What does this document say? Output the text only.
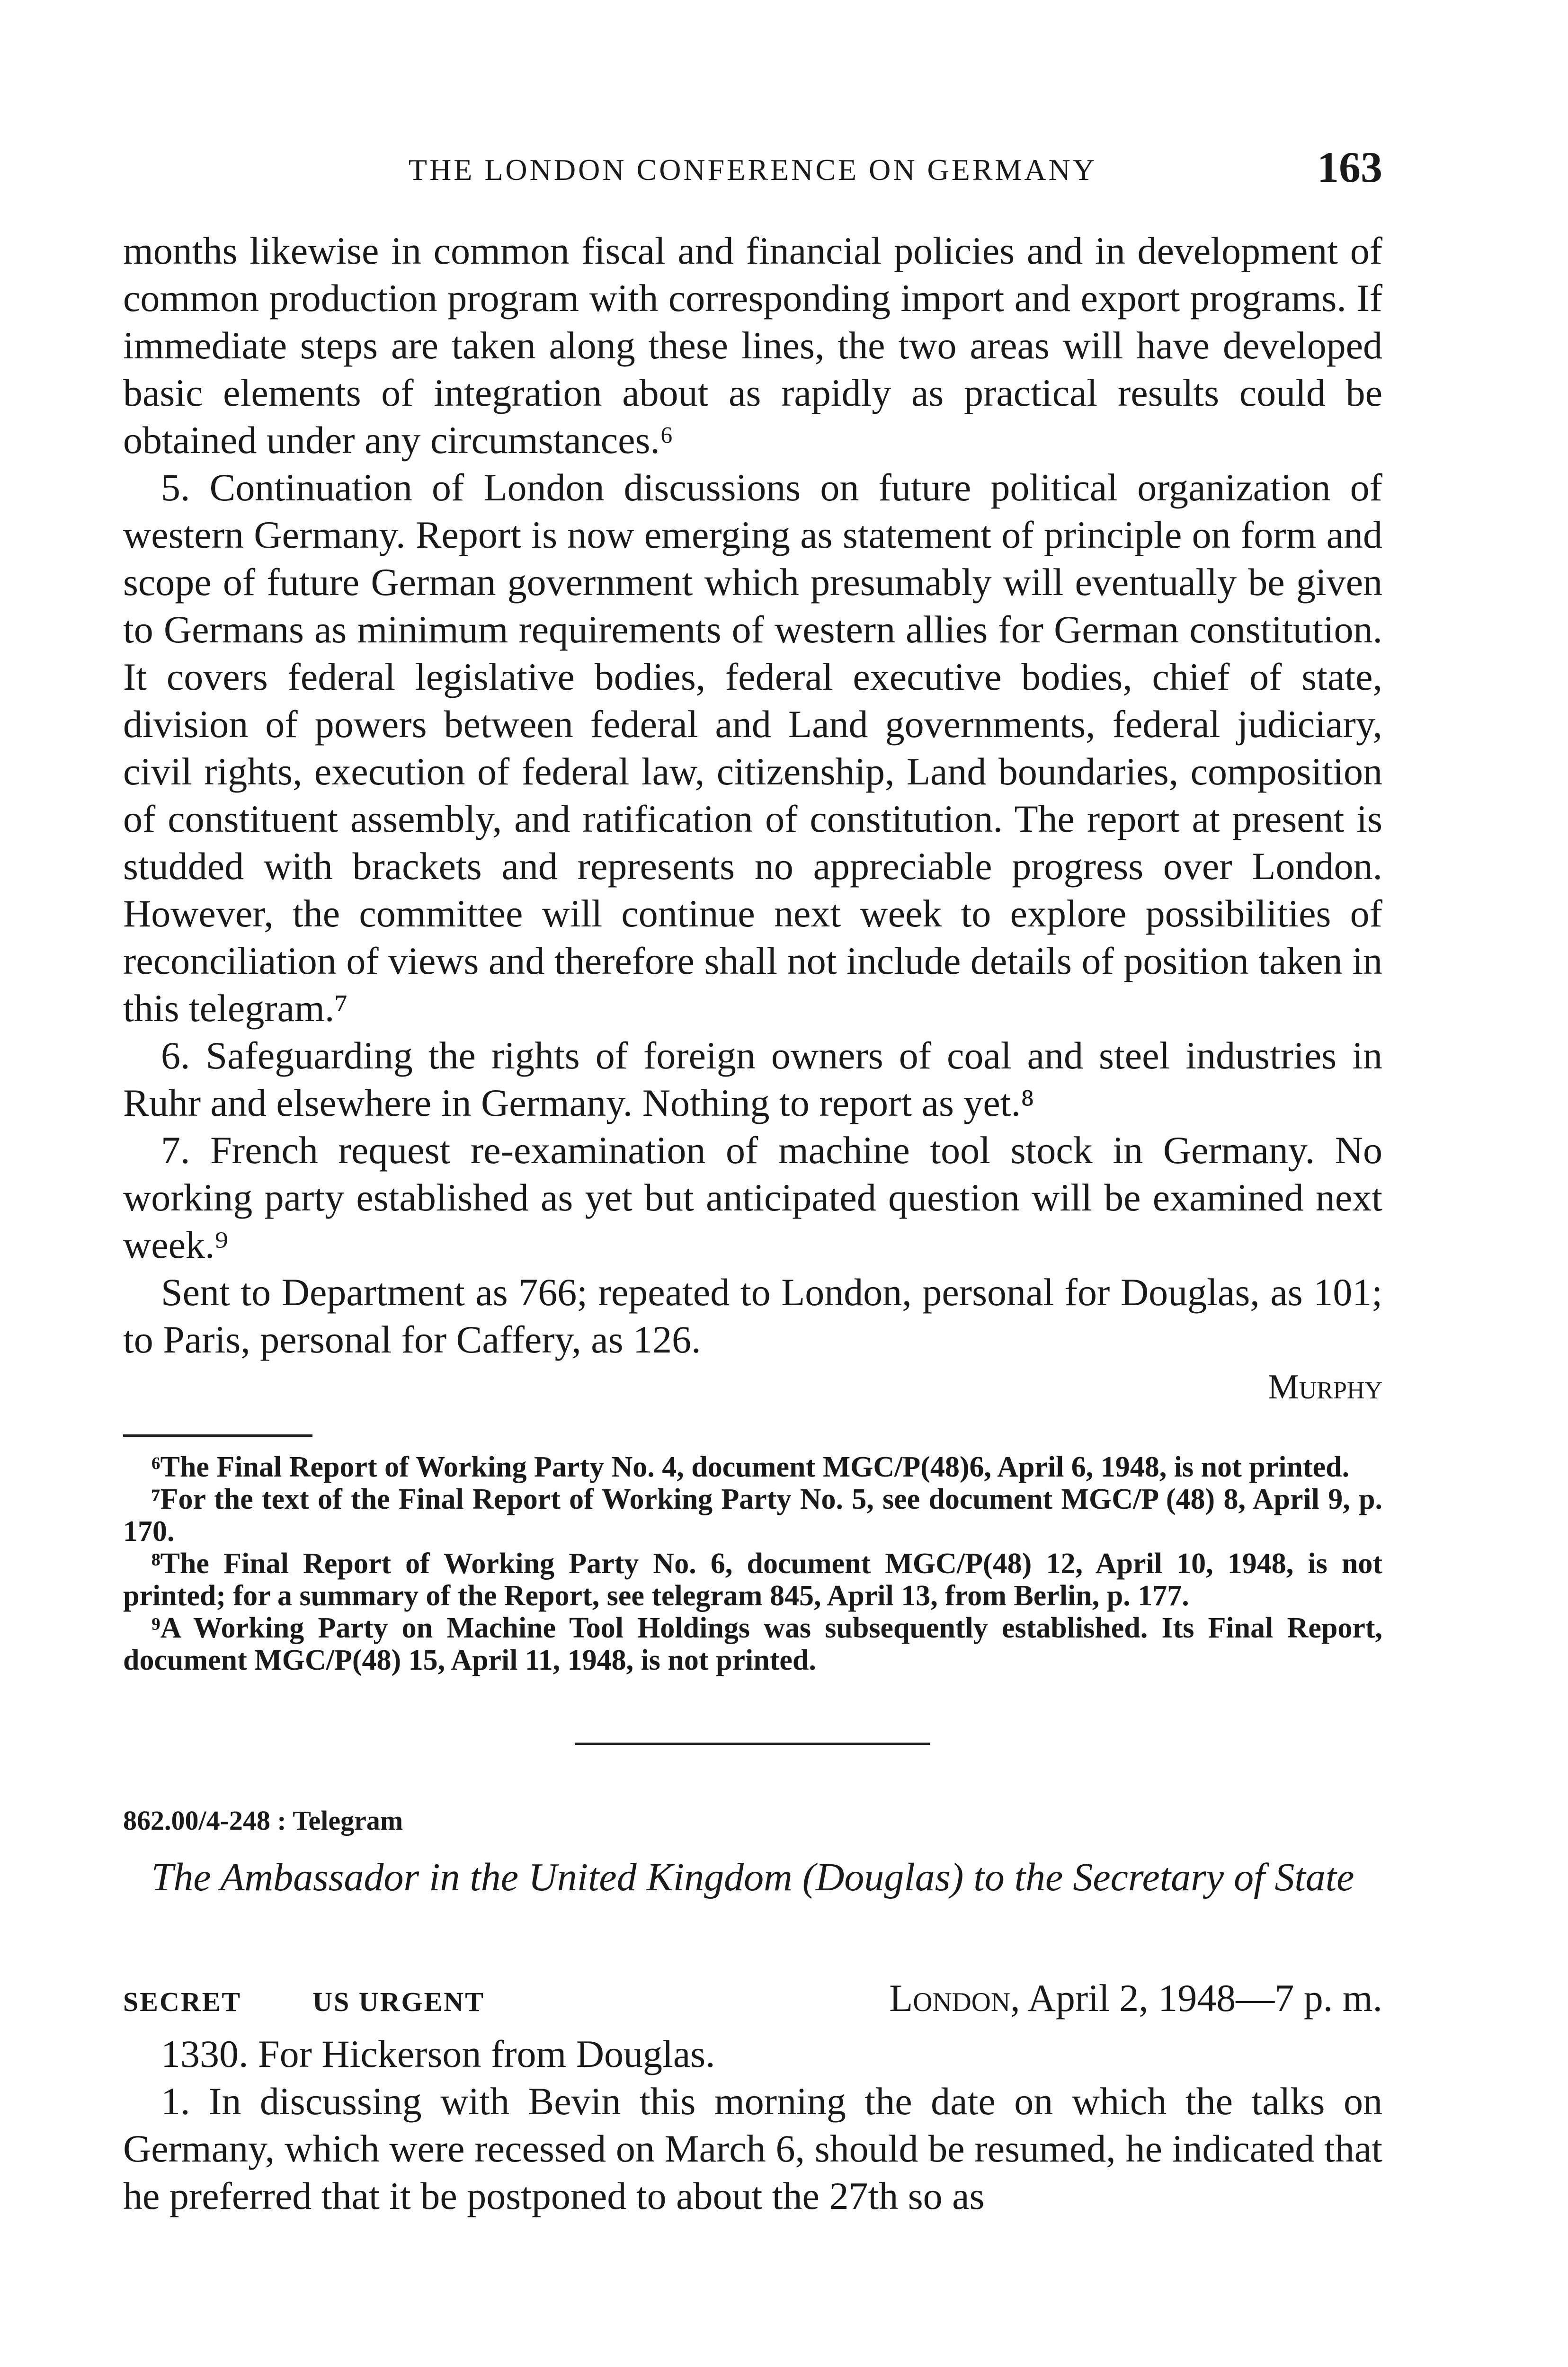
THE LONDON CONFERENCE ON GERMANY	163

months likewise in common fiscal and financial policies and in development of common production program with corresponding import and export programs. If immediate steps are taken along these lines, the two areas will have developed basic elements of integration about as rapidly as practical results could be obtained under any circumstances.⁶

5. Continuation of London discussions on future political organization of western Germany. Report is now emerging as statement of principle on form and scope of future German government which presumably will eventually be given to Germans as minimum requirements of western allies for German constitution. It covers federal legislative bodies, federal executive bodies, chief of state, division of powers between federal and Land governments, federal judiciary, civil rights, execution of federal law, citizenship, Land boundaries, composition of constituent assembly, and ratification of constitution. The report at present is studded with brackets and represents no appreciable progress over London. However, the committee will continue next week to explore possibilities of reconciliation of views and therefore shall not include details of position taken in this telegram.⁷

6. Safeguarding the rights of foreign owners of coal and steel industries in Ruhr and elsewhere in Germany. Nothing to report as yet.⁸

7. French request re-examination of machine tool stock in Germany. No working party established as yet but anticipated question will be examined next week.⁹

Sent to Department as 766; repeated to London, personal for Douglas, as 101; to Paris, personal for Caffery, as 126.

Murphy

⁶The Final Report of Working Party No. 4, document MGC/P(48)6, April 6, 1948, is not printed.

⁷For the text of the Final Report of Working Party No. 5, see document MGC/P (48) 8, April 9, p. 170.

⁸The Final Report of Working Party No. 6, document MGC/P(48) 12, April 10, 1948, is not printed; for a summary of the Report, see telegram 845, April 13, from Berlin, p. 177.

⁹A Working Party on Machine Tool Holdings was subsequently established. Its Final Report, document MGC/P(48) 15, April 11, 1948, is not printed.

862.00/4-248 : Telegram
The Ambassador in the United Kingdom (Douglas) to the Secretary of State
SECRET	US URGENT	London, April 2, 1948—7 p. m.

1330. For Hickerson from Douglas.

1. In discussing with Bevin this morning the date on which the talks on Germany, which were recessed on March 6, should be resumed, he indicated that he preferred that it be postponed to about the 27th so as
